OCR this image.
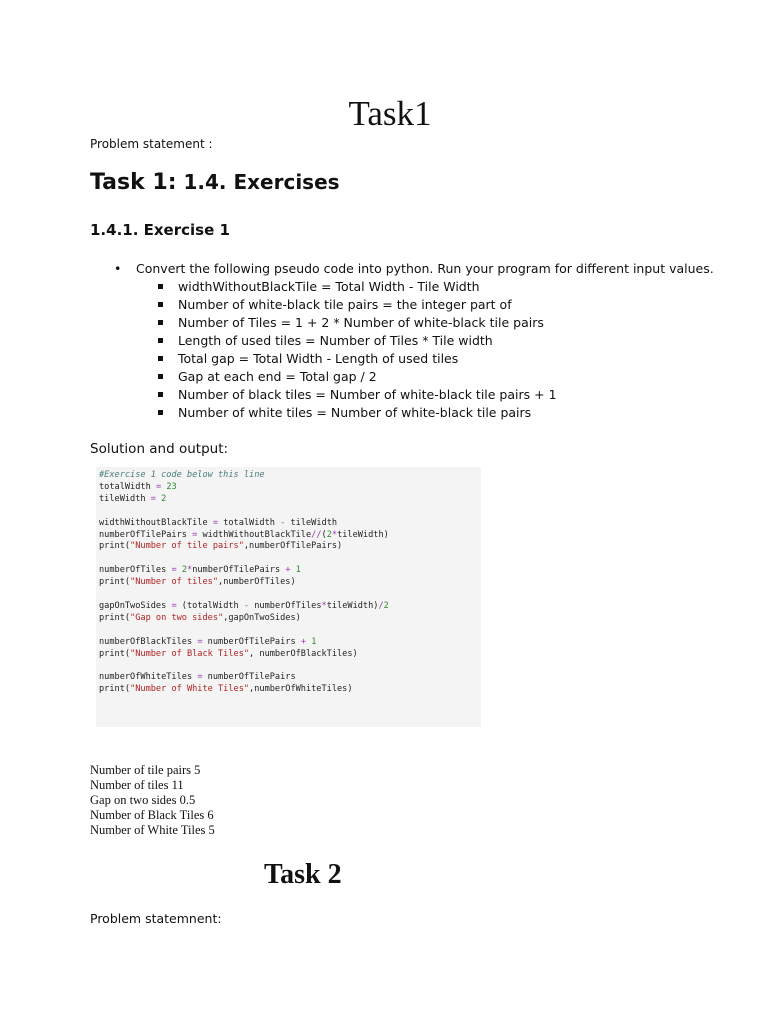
Task1
Problem statement :
Task 1: 1.4. Exercises
1.4.1. Exercise 1
• Convert the following pseudo code into python. Run your program for different input values.
widthWithoutBlackTile = Total Width - Tile Width
Number of white-black tile pairs = the integer part of
Number of Tiles = 1 + 2 * Number of white-black tile pairs
Length of used tiles = Number of Tiles * Tile width
Total gap = Total Width - Length of used tiles
Gap at each end = Total gap / 2
Number of black tiles = Number of white-black tile pairs + 1
Number of white tiles = Number of white-black tile pairs
Solution and output:
#Exercise 1 code below this line
totalWidth = 23
tileWidth = 2

widthWithoutBlackTile = totalWidth - tileWidth
numberOfTilePairs = widthWithoutBlackTile//(2*tileWidth)
print("Number of tile pairs",numberOfTilePairs)

numberOfTiles = 2*numberOfTilePairs + 1
print("Number of tiles",numberOfTiles)

gapOnTwoSides = (totalWidth - numberOfTiles*tileWidth)/2
print("Gap on two sides",gapOnTwoSides)

numberOfBlackTiles = numberOfTilePairs + 1
print("Number of Black Tiles", numberOfBlackTiles)

numberOfWhiteTiles = numberOfTilePairs
print("Number of White Tiles",numberOfWhiteTiles)
Number of tile pairs 5
Number of tiles 11
Gap on two sides 0.5
Number of Black Tiles 6
Number of White Tiles 5
Task 2
Problem statemnent:
